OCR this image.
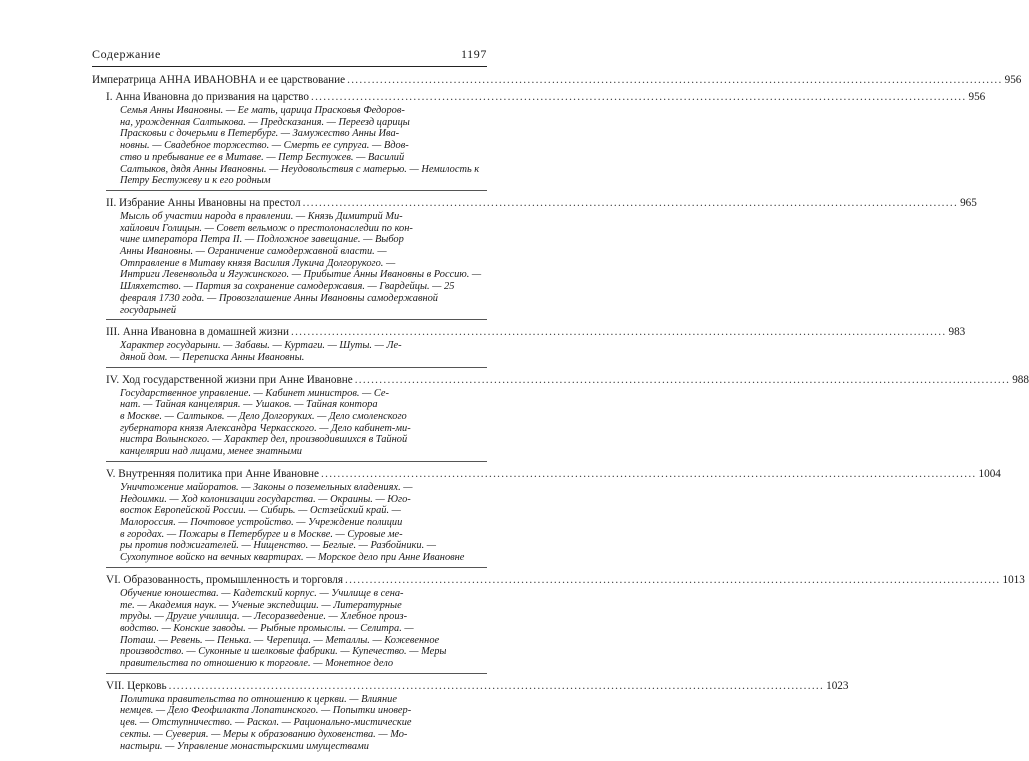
Содержание	1197
Императрица АННА ИВАНОВНА и ее царствование ................................................................................................................................................................ 956
I. Анна Ивановна до призвания на царство ................................................................................................................................................................ 956
Семья Анны Ивановны. — Ее мать, царица Прасковья Федоров-
на, урожденная Салтыкова. — Предсказания. — Переезд царицы
Прасковьи с дочерьми в Петербург. — Замужество Анны Ива-
новны. — Свадебное торжество. — Смерть ее супруга. — Вдов-
ство и пребывание ее в Митаве. — Петр Бестужев. — Василий
Салтыков, дядя Анны Ивановны. — Неудовольствия с матерью. — Немилость к Петру Бестужеву и к его родным
II. Избрание Анны Ивановны на престол ................................................................................................................................................................ 965
Мысль об участии народа в правлении. — Князь Димитрий Ми-
хайлович Голицын. — Совет вельмож о престолонаследии по кон-
чине императора Петра II. — Подложное завещание. — Выбор
Анны Ивановны. — Ограничение самодержавной власти. —
Отправление в Митаву князя Василия Лукича Долгорукого. —
Интриги Левенвольда и Ягужинского. — Прибытие Анны Ивановны в Россию. — Шляхетство. — Партия за сохранение самодержавия. — Гвардейцы. — 25 февраля 1730 года. — Провозглашение Анны Ивановны самодержавной государыней
III. Анна Ивановна в домашней жизни ................................................................................................................................................................ 983
Характер государыни. — Забавы. — Куртаги. — Шуты. — Ле-
дяной дом. — Переписка Анны Ивановны.
IV. Ход государственной жизни при Анне Ивановне ................................................................................................................................................................ 988
Государственное управление. — Кабинет министров. — Се-
нат. — Тайная канцелярия. — Ушаков. — Тайная контора
в Москве. — Салтыков. — Дело Долгоруких. — Дело смоленского
губернатора князя Александра Черкасского. — Дело кабинет-ми-
нистра Волынского. — Характер дел, производившихся в Тайной
канцелярии над лицами, менее знатными
V. Внутренняя политика при Анне Ивановне ................................................................................................................................................................ 1004
Уничтожение майоратов. — Законы о поземельных владениях. —
Недоимки. — Ход колонизации государства. — Окраины. — Юго-
восток Европейской России. — Сибирь. — Остзейский край. —
Малороссия. — Почтовое устройство. — Учреждение полиции
в городах. — Пожары в Петербурге и в Москве. — Суровые ме-
ры против поджигателей. — Нищенство. — Беглые. — Разбойники. — Сухопутное войско на вечных квартирах. — Морское дело при Анне Ивановне
VI. Образованность, промышленность и торговля ................................................................................................................................................................ 1013
Обучение юношества. — Кадетский корпус. — Училище в сена-
те. — Академия наук. — Ученые экспедиции. — Литературные
труды. — Другие училища. — Лесоразведение. — Хлебное произ-
водство. — Конские заводы. — Рыбные промыслы. — Селитра. —
Поташ. — Ревень. — Пенька. — Черепица. — Металлы. — Кожевенное производство. — Суконные и шелковые фабрики. — Купечество. — Меры правительства по отношению к торговле. — Монетное дело
VII. Церковь ................................................................................................................................................................ 1023
Политика правительства по отношению к церкви. — Влияние
немцев. — Дело Феофилакта Лопатинского. — Попытки иновер-
цев. — Отступничество. — Раскол. — Рационально-мистические
секты. — Суеверия. — Меры к образованию духовенства. — Мо-
настыри. — Управление монастырскими имуществами
